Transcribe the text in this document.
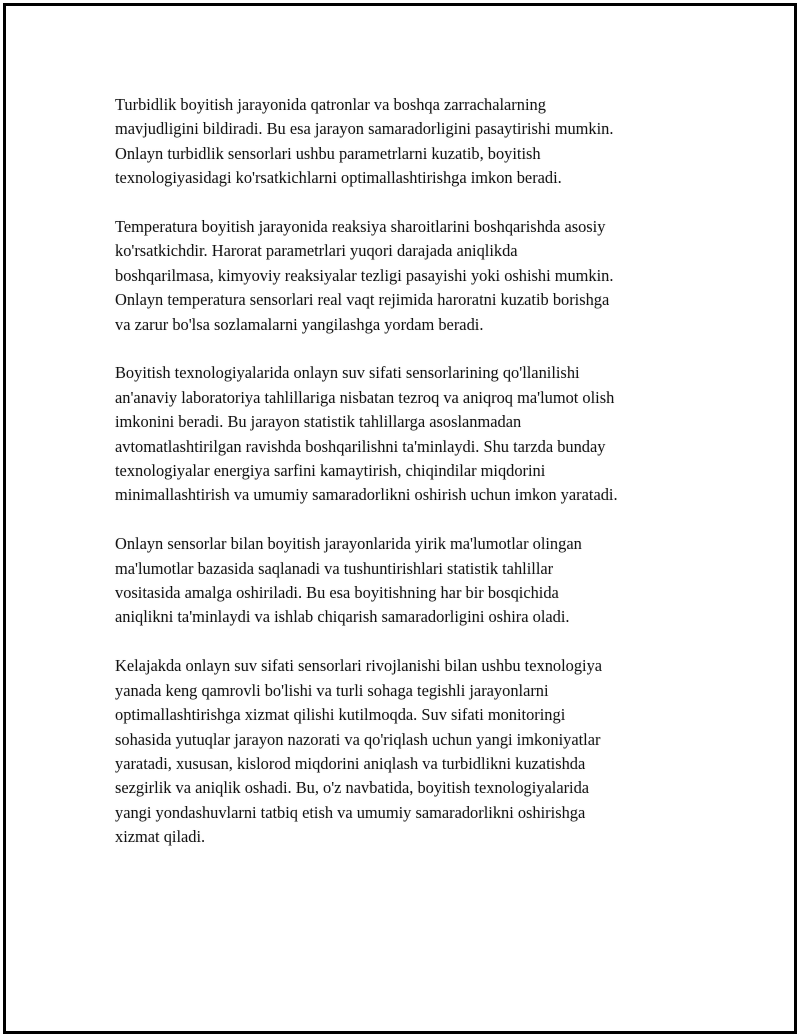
Turbidlik boyitish jarayonida qatronlar va boshqa zarrachalarning
mavjudligini bildiradi. Bu esa jarayon samaradorligini pasaytirishi mumkin.
Onlayn turbidlik sensorlari ushbu parametrlarni kuzatib, boyitish
texnologiyasidagi ko'rsatkichlarni optimallashtirishga imkon beradi.

Temperatura boyitish jarayonida reaksiya sharoitlarini boshqarishda asosiy
ko'rsatkichdir. Harorat parametrlari yuqori darajada aniqlikda
boshqarilmasa, kimyoviy reaksiyalar tezligi pasayishi yoki oshishi mumkin.
Onlayn temperatura sensorlari real vaqt rejimida haroratni kuzatib borishga
va zarur bo'lsa sozlamalarni yangilashga yordam beradi.

Boyitish texnologiyalarida onlayn suv sifati sensorlarining qo'llanilishi
an'anaviy laboratoriya tahlillariga nisbatan tezroq va aniqroq ma'lumot olish
imkonini beradi. Bu jarayon statistik tahlillarga asoslanmadan
avtomatlashtirilgan ravishda boshqarilishni ta'minlaydi. Shu tarzda bunday
texnologiyalar energiya sarfini kamaytirish, chiqindilar miqdorini
minimallashtirish va umumiy samaradorlikni oshirish uchun imkon yaratadi.

Onlayn sensorlar bilan boyitish jarayonlarida yirik ma'lumotlar olingan
ma'lumotlar bazasida saqlanadi va tushuntirishlari statistik tahlillar
vositasida amalga oshiriladi. Bu esa boyitishning har bir bosqichida
aniqlikni ta'minlaydi va ishlab chiqarish samaradorligini oshira oladi.

Kelajakda onlayn suv sifati sensorlari rivojlanishi bilan ushbu texnologiya
yanada keng qamrovli bo'lishi va turli sohaga tegishli jarayonlarni
optimallashtirishga xizmat qilishi kutilmoqda. Suv sifati monitoringi
sohasida yutuqlar jarayon nazorati va qo'riqlash uchun yangi imkoniyatlar
yaratadi, xususan, kislorod miqdorini aniqlash va turbidlikni kuzatishda
sezgirlik va aniqlik oshadi. Bu, o'z navbatida, boyitish texnologiyalarida
yangi yondashuvlarni tatbiq etish va umumiy samaradorlikni oshirishga
xizmat qiladi.
